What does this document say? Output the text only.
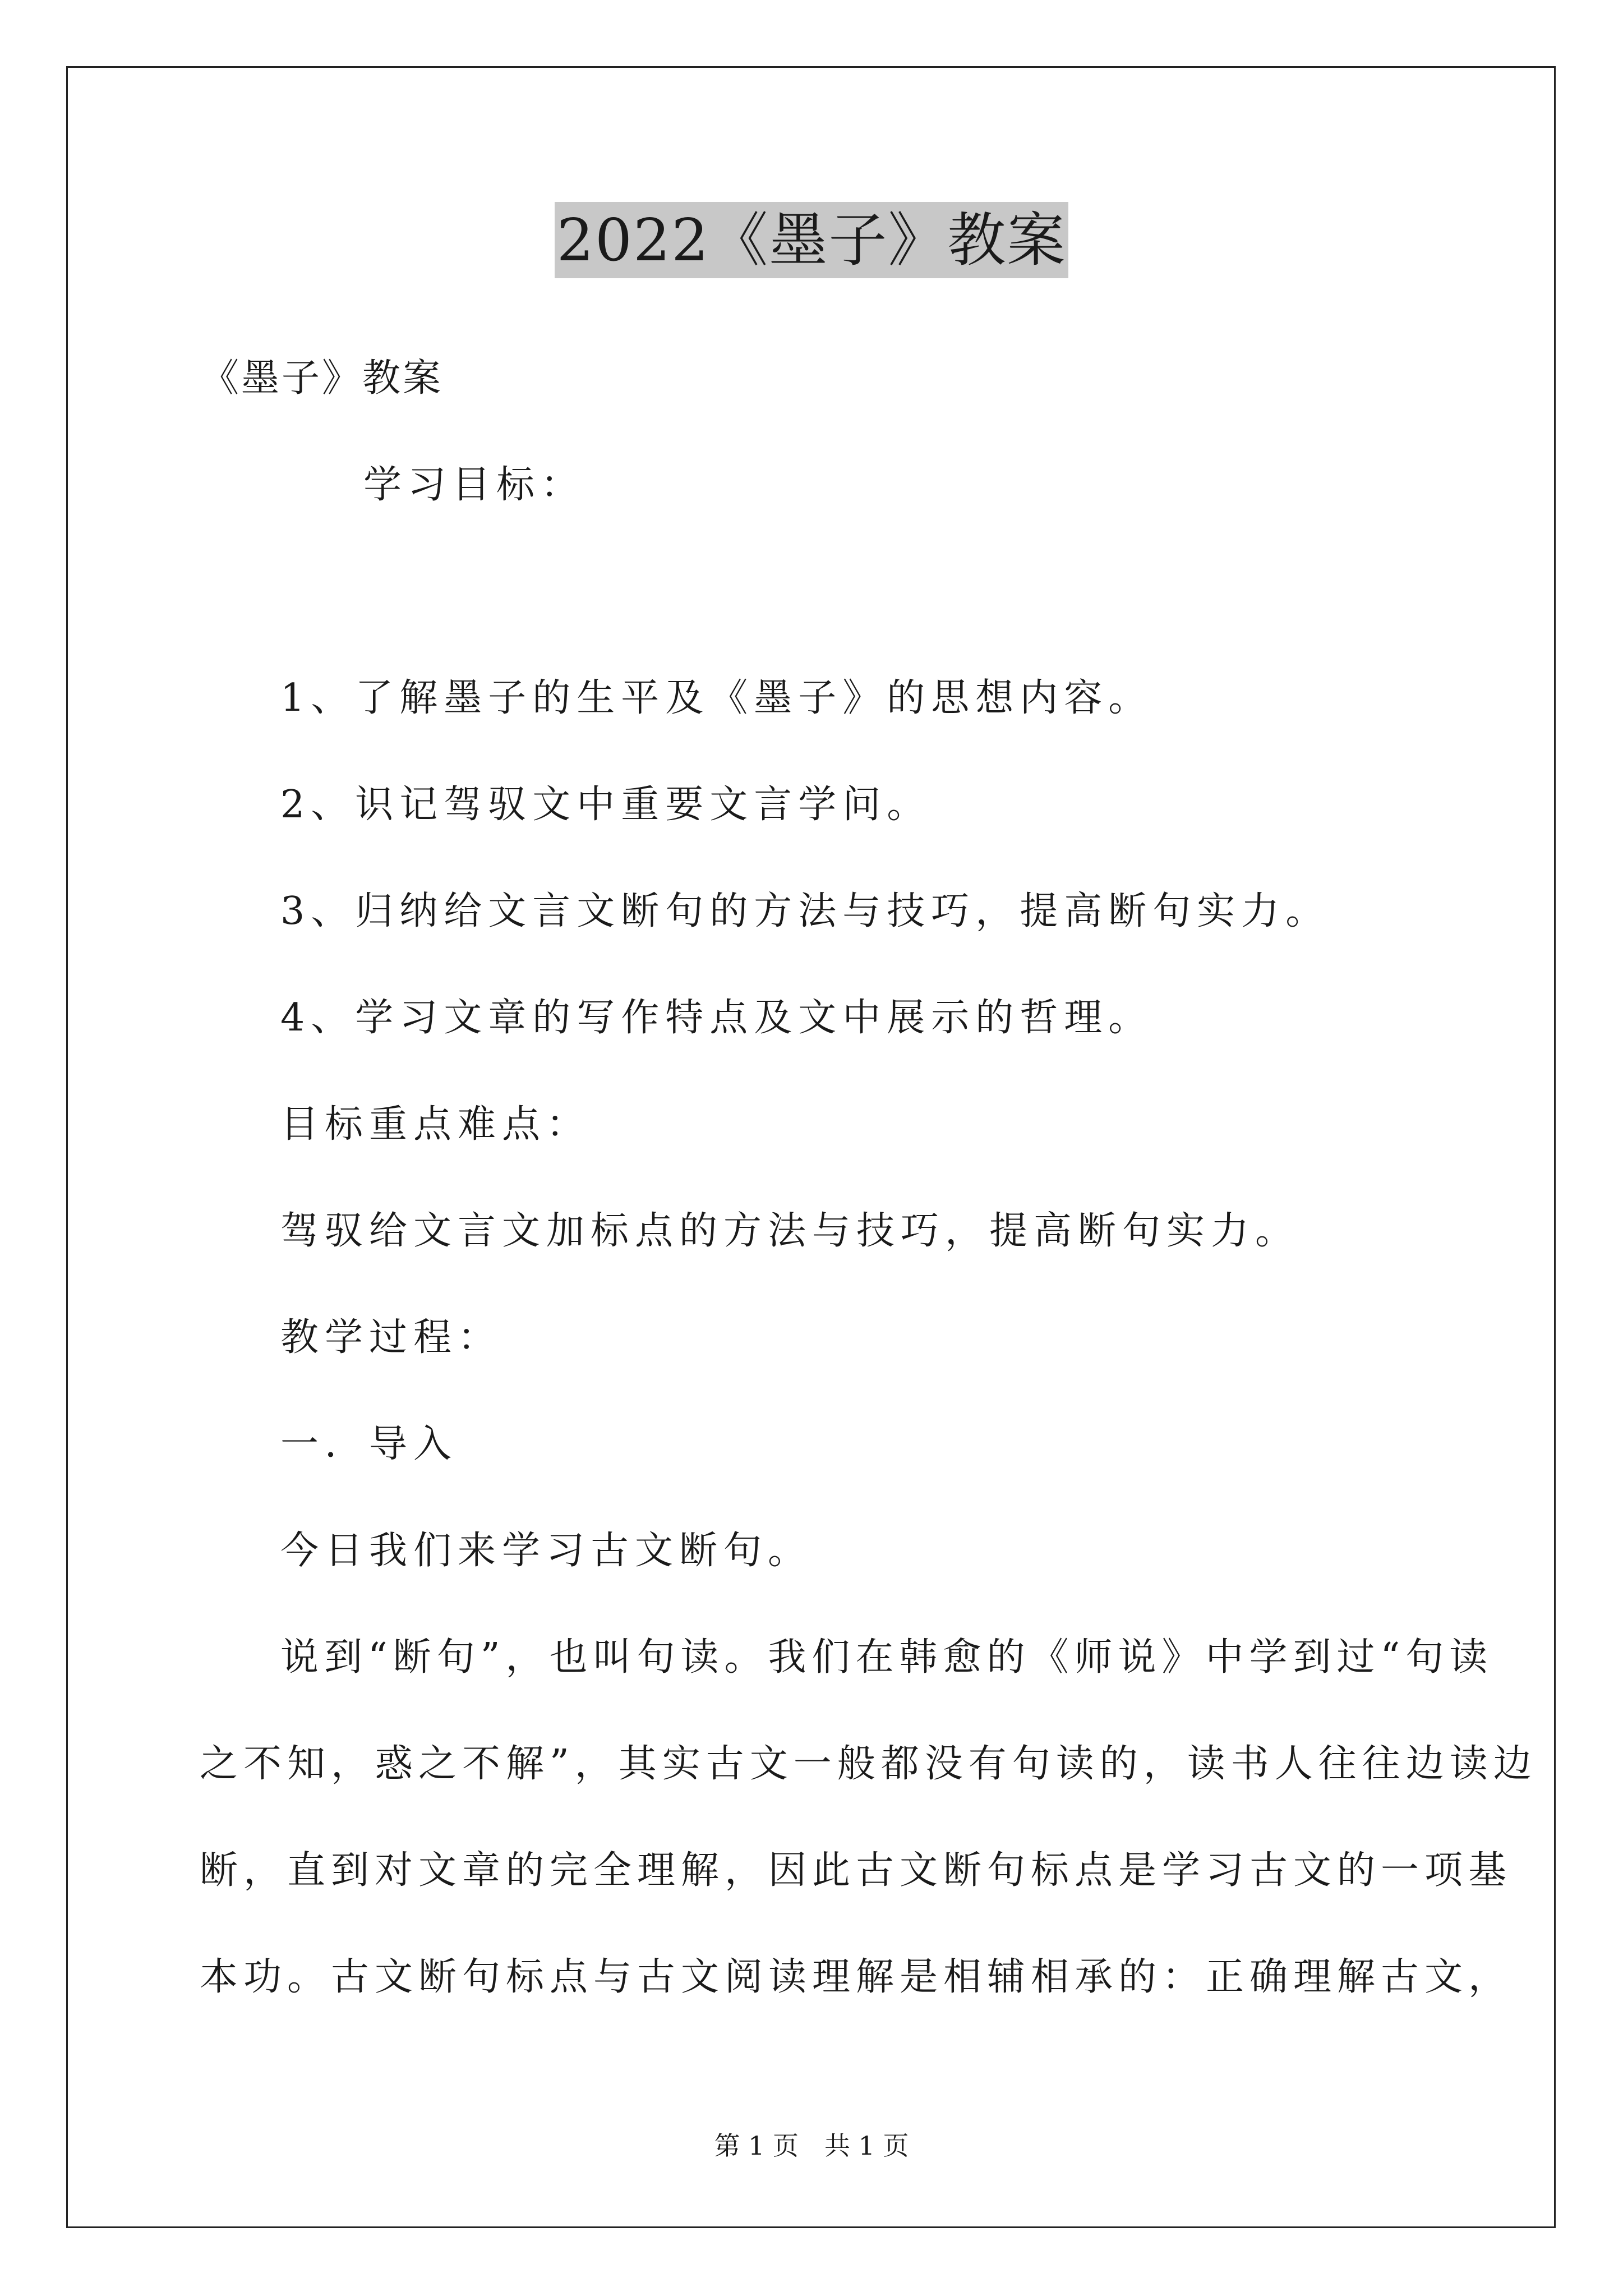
2022《墨子》教案
《墨子》教案
学习目标：
1、了解墨子的生平及《墨子》的思想内容。
2、识记驾驭文中重要文言学问。
3、归纳给文言文断句的方法与技巧，提高断句实力。
4、学习文章的写作特点及文中展示的哲理。
目标重点难点：
驾驭给文言文加标点的方法与技巧，提高断句实力。
教学过程：
一．导入
今日我们来学习古文断句。
说到“断句”，也叫句读。我们在韩愈的《师说》中学到过“句读
之不知，惑之不解”，其实古文一般都没有句读的，读书人往往边读边
断，直到对文章的完全理解，因此古文断句标点是学习古文的一项基
本功。古文断句标点与古文阅读理解是相辅相承的：正确理解古文，
第 1 页　共 1 页
